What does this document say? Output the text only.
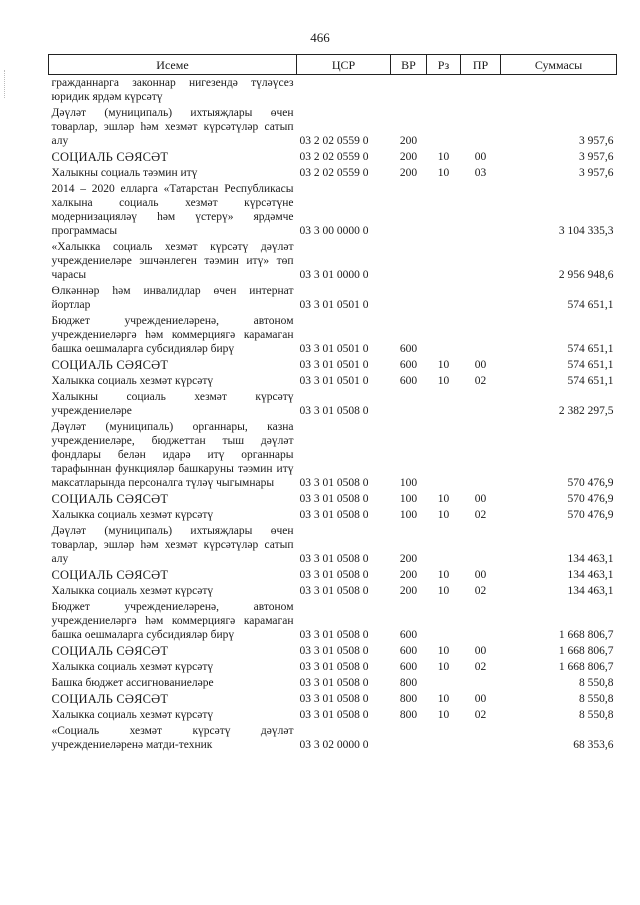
466
Исеме	ЦСР	ВР	Рз	ПР	Суммасы
гражданнарга законнар нигезендә түләүсез юридик ярдәм күрсәтү					
Дәүләт (муниципаль) ихтыяҗлары өчен товарлар, эшләр һәм хезмәт күрсәтүләр сатып алу	03 2 02 0559 0	200			3 957,6
СОЦИАЛЬ СӘЯСӘТ	03 2 02 0559 0	200	10	00	3 957,6
Халыкны социаль тәэмин итү	03 2 02 0559 0	200	10	03	3 957,6
2014 – 2020 елларга «Татарстан Республикасы халкына социаль хезмәт күрсәтүне модернизацияләү һәм үстерү» ярдәмче программасы	03 3 00 0000 0				3 104 335,3
«Халыкка социаль хезмәт күрсәтү дәүләт учреждениеләре эшчәнлеген тәэмин итү» төп чарасы	03 3 01 0000 0				2 956 948,6
Өлкәннәр һәм инвалидлар өчен интернат йортлар	03 3 01 0501 0				574 651,1
Бюджет учреждениеләренә, автоном учреждениеләргә һәм коммерциягә карамаган башка оешмаларга субсидияләр бирү	03 3 01 0501 0	600			574 651,1
СОЦИАЛЬ СӘЯСӘТ	03 3 01 0501 0	600	10	00	574 651,1
Халыкка социаль хезмәт күрсәтү	03 3 01 0501 0	600	10	02	574 651,1
Халыкны социаль хезмәт күрсәтү учреждениеләре	03 3 01 0508 0				2 382 297,5
Дәүләт (муниципаль) органнары, казна учреждениеләре, бюджеттан тыш дәүләт фондлары белән идарә итү органнары тарафыннан функцияләр башкаруны тәэмин итү максатларында персоналга түләү чыгымнары	03 3 01 0508 0	100			570 476,9
СОЦИАЛЬ СӘЯСӘТ	03 3 01 0508 0	100	10	00	570 476,9
Халыкка социаль хезмәт күрсәтү	03 3 01 0508 0	100	10	02	570 476,9
Дәүләт (муниципаль) ихтыяҗлары өчен товарлар, эшләр һәм хезмәт күрсәтүләр сатып алу	03 3 01 0508 0	200			134 463,1
СОЦИАЛЬ СӘЯСӘТ	03 3 01 0508 0	200	10	00	134 463,1
Халыкка социаль хезмәт күрсәтү	03 3 01 0508 0	200	10	02	134 463,1
Бюджет учреждениеләренә, автоном учреждениеләргә һәм коммерциягә карамаган башка оешмаларга субсидияләр бирү	03 3 01 0508 0	600			1 668 806,7
СОЦИАЛЬ СӘЯСӘТ	03 3 01 0508 0	600	10	00	1 668 806,7
Халыкка социаль хезмәт күрсәтү	03 3 01 0508 0	600	10	02	1 668 806,7
Башка бюджет ассигнованиеләре	03 3 01 0508 0	800			8 550,8
СОЦИАЛЬ СӘЯСӘТ	03 3 01 0508 0	800	10	00	8 550,8
Халыкка социаль хезмәт күрсәтү	03 3 01 0508 0	800	10	02	8 550,8
«Социаль хезмәт күрсәтү дәүләт учреждениеләренә матди-техник	03 3 02 0000 0				68 353,6
